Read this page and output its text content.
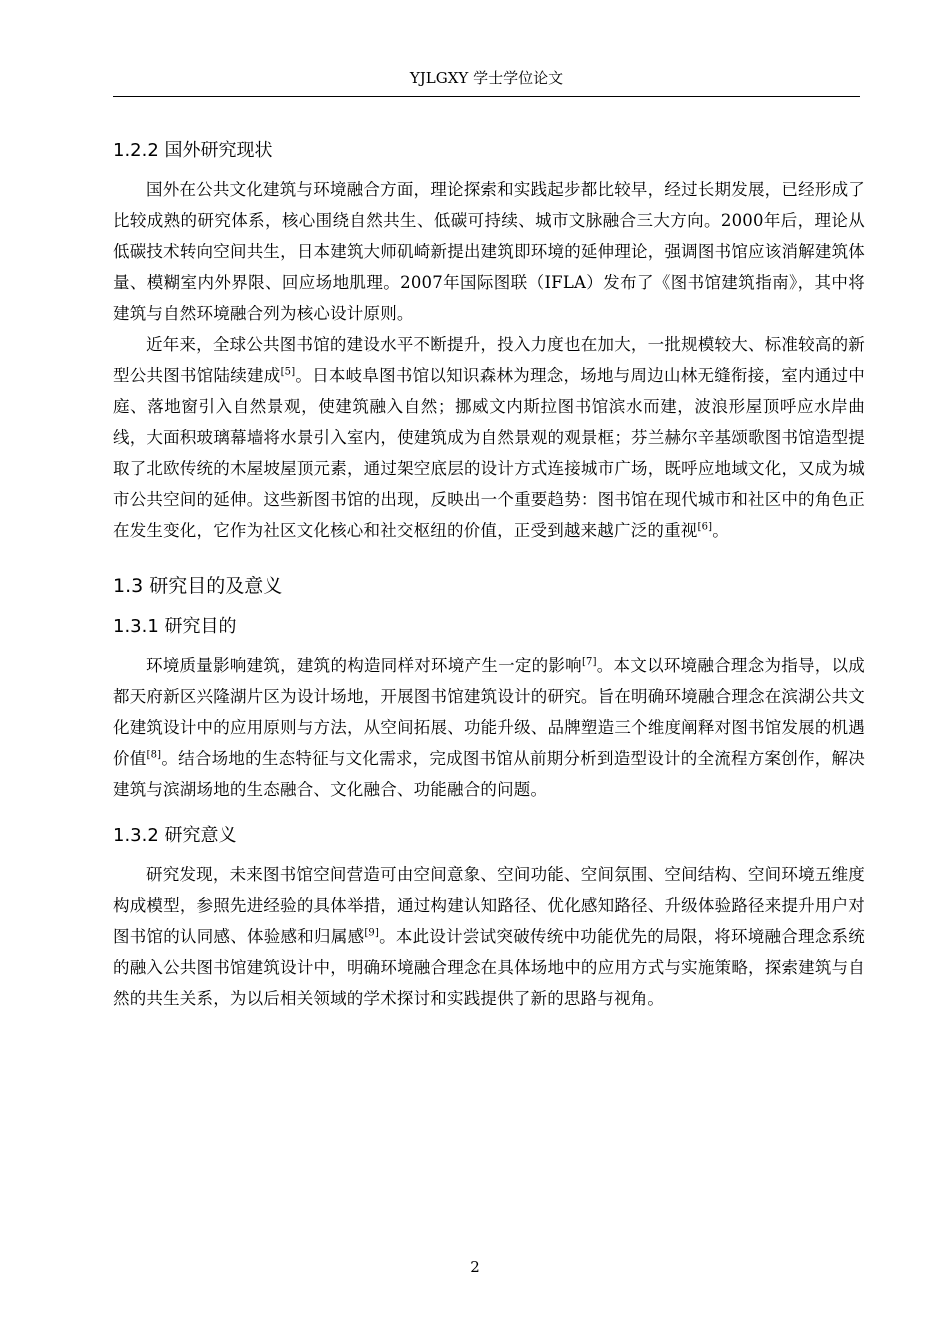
YJLGXY 学士学位论文
1.2.2 国外研究现状

国外在公共文化建筑与环境融合方面，理论探索和实践起步都比较早，经过长期发展，已经形成了比较成熟的研究体系，核心围绕自然共生、低碳可持续、城市文脉融合三大方向。2000年后，理论从低碳技术转向空间共生，日本建筑大师矶崎新提出建筑即环境的延伸理论，强调图书馆应该消解建筑体量、模糊室内外界限、回应场地肌理。2007年国际图联（IFLA）发布了《图书馆建筑指南》，其中将建筑与自然环境融合列为核心设计原则。

近年来，全球公共图书馆的建设水平不断提升，投入力度也在加大，一批规模较大、标准较高的新型公共图书馆陆续建成[5]。日本岐阜图书馆以知识森林为理念，场地与周边山林无缝衔接，室内通过中庭、落地窗引入自然景观，使建筑融入自然；挪威文内斯拉图书馆滨水而建，波浪形屋顶呼应水岸曲线，大面积玻璃幕墙将水景引入室内，使建筑成为自然景观的观景框；芬兰赫尔辛基颂歌图书馆造型提取了北欧传统的木屋坡屋顶元素，通过架空底层的设计方式连接城市广场，既呼应地域文化，又成为城市公共空间的延伸。这些新图书馆的出现，反映出一个重要趋势：图书馆在现代城市和社区中的角色正在发生变化，它作为社区文化核心和社交枢纽的价值，正受到越来越广泛的重视[6]。

1.3 研究目的及意义
1.3.1 研究目的

环境质量影响建筑，建筑的构造同样对环境产生一定的影响[7]。本文以环境融合理念为指导，以成都天府新区兴隆湖片区为设计场地，开展图书馆建筑设计的研究。旨在明确环境融合理念在滨湖公共文化建筑设计中的应用原则与方法，从空间拓展、功能升级、品牌塑造三个维度阐释对图书馆发展的机遇价值[8]。结合场地的生态特征与文化需求，完成图书馆从前期分析到造型设计的全流程方案创作，解决建筑与滨湖场地的生态融合、文化融合、功能融合的问题。

1.3.2 研究意义

研究发现，未来图书馆空间营造可由空间意象、空间功能、空间氛围、空间结构、空间环境五维度构成模型，参照先进经验的具体举措，通过构建认知路径、优化感知路径、升级体验路径来提升用户对图书馆的认同感、体验感和归属感[9]。本此设计尝试突破传统中功能优先的局限，将环境融合理念系统的融入公共图书馆建筑设计中，明确环境融合理念在具体场地中的应用方式与实施策略，探索建筑与自然的共生关系，为以后相关领域的学术探讨和实践提供了新的思路与视角。

2
